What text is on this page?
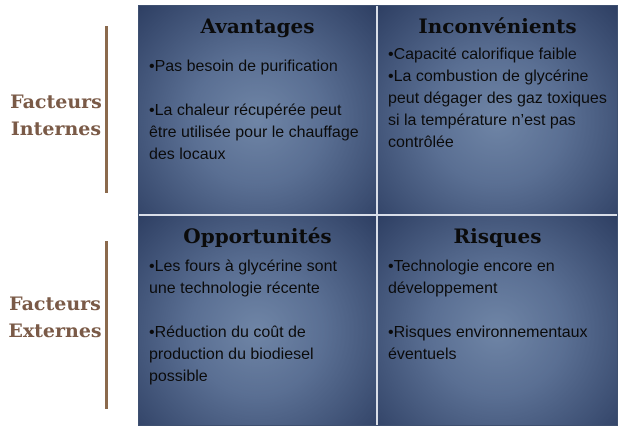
Facteurs
Internes
Facteurs
Externes
Avantages
•Pas besoin de purification
•La chaleur récupérée peut être utilisée pour le chauffage des locaux
Inconvénients
•Capacité calorifique faible
•La combustion de glycérine peut dégager des gaz toxiques si la température n’est pas contrôlée
Opportunités
•Les fours à glycérine sont une technologie récente
•Réduction du coût de production du biodiesel possible
Risques
•Technologie encore en développement
•Risques environnementaux éventuels
